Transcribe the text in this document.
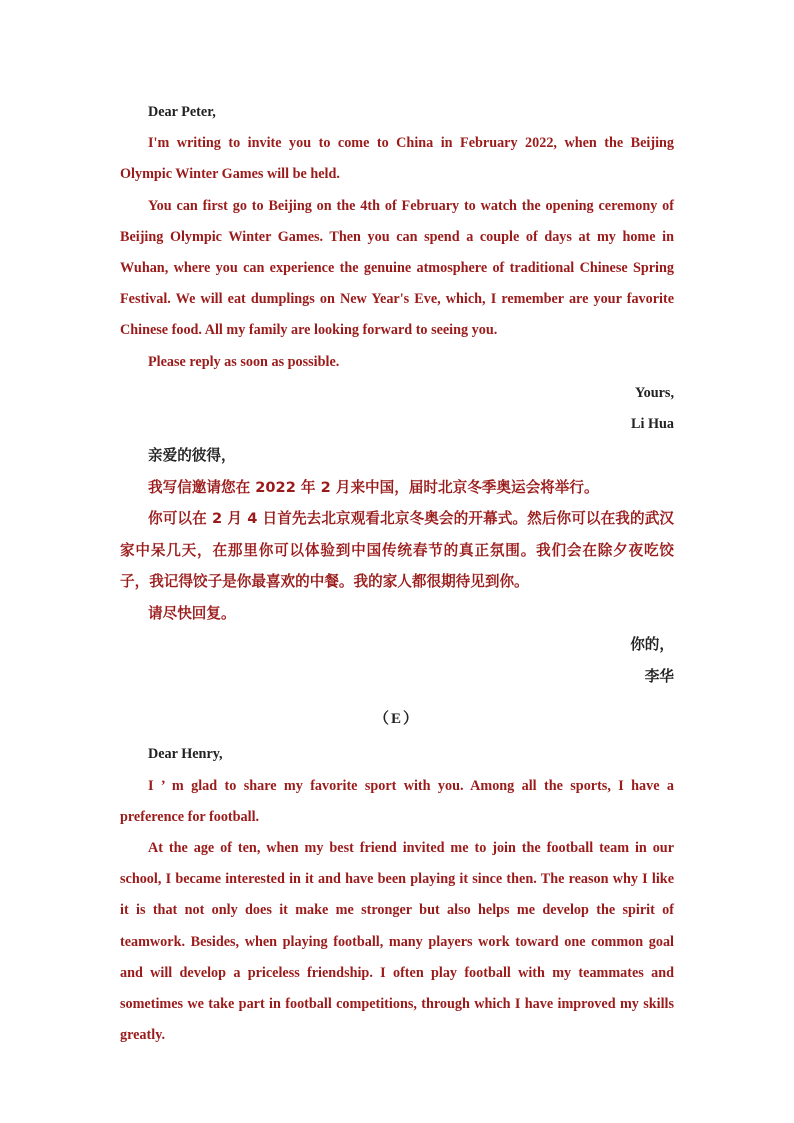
Dear Peter,

I'm writing to invite you to come to China in February 2022, when the Beijing Olympic Winter Games will be held.

You can first go to Beijing on the 4th of February to watch the opening ceremony of Beijing Olympic Winter Games. Then you can spend a couple of days at my home in Wuhan, where you can experience the genuine atmosphere of traditional Chinese Spring Festival. We will eat dumplings on New Year's Eve, which, I remember are your favorite Chinese food. All my family are looking forward to seeing you.

Please reply as soon as possible.

Yours,
Li Hua
亲爱的彼得，
我写信邀请您在 2022 年 2 月来中国，届时北京冬季奥运会将举行。
你可以在 2 月 4 日首先去北京观看北京冬奥会的开幕式。然后你可以在我的武汉家中呆几天，在那里你可以体验到中国传统春节的真正氛围。我们会在除夕夜吃饺子，我记得饺子是你最喜欢的中餐。我的家人都很期待见到你。
请尽快回复。
你的，
李华
（E）
Dear Henry,

I ’ m glad to share my favorite sport with you. Among all the sports, I have a preference for football.

At the age of ten, when my best friend invited me to join the football team in our school, I became interested in it and have been playing it since then. The reason why I like it is that not only does it make me stronger but also helps me develop the spirit of teamwork. Besides, when playing football, many players work toward one common goal and will develop a priceless friendship. I often play football with my teammates and sometimes we take part in football competitions, through which I have improved my skills greatly.
